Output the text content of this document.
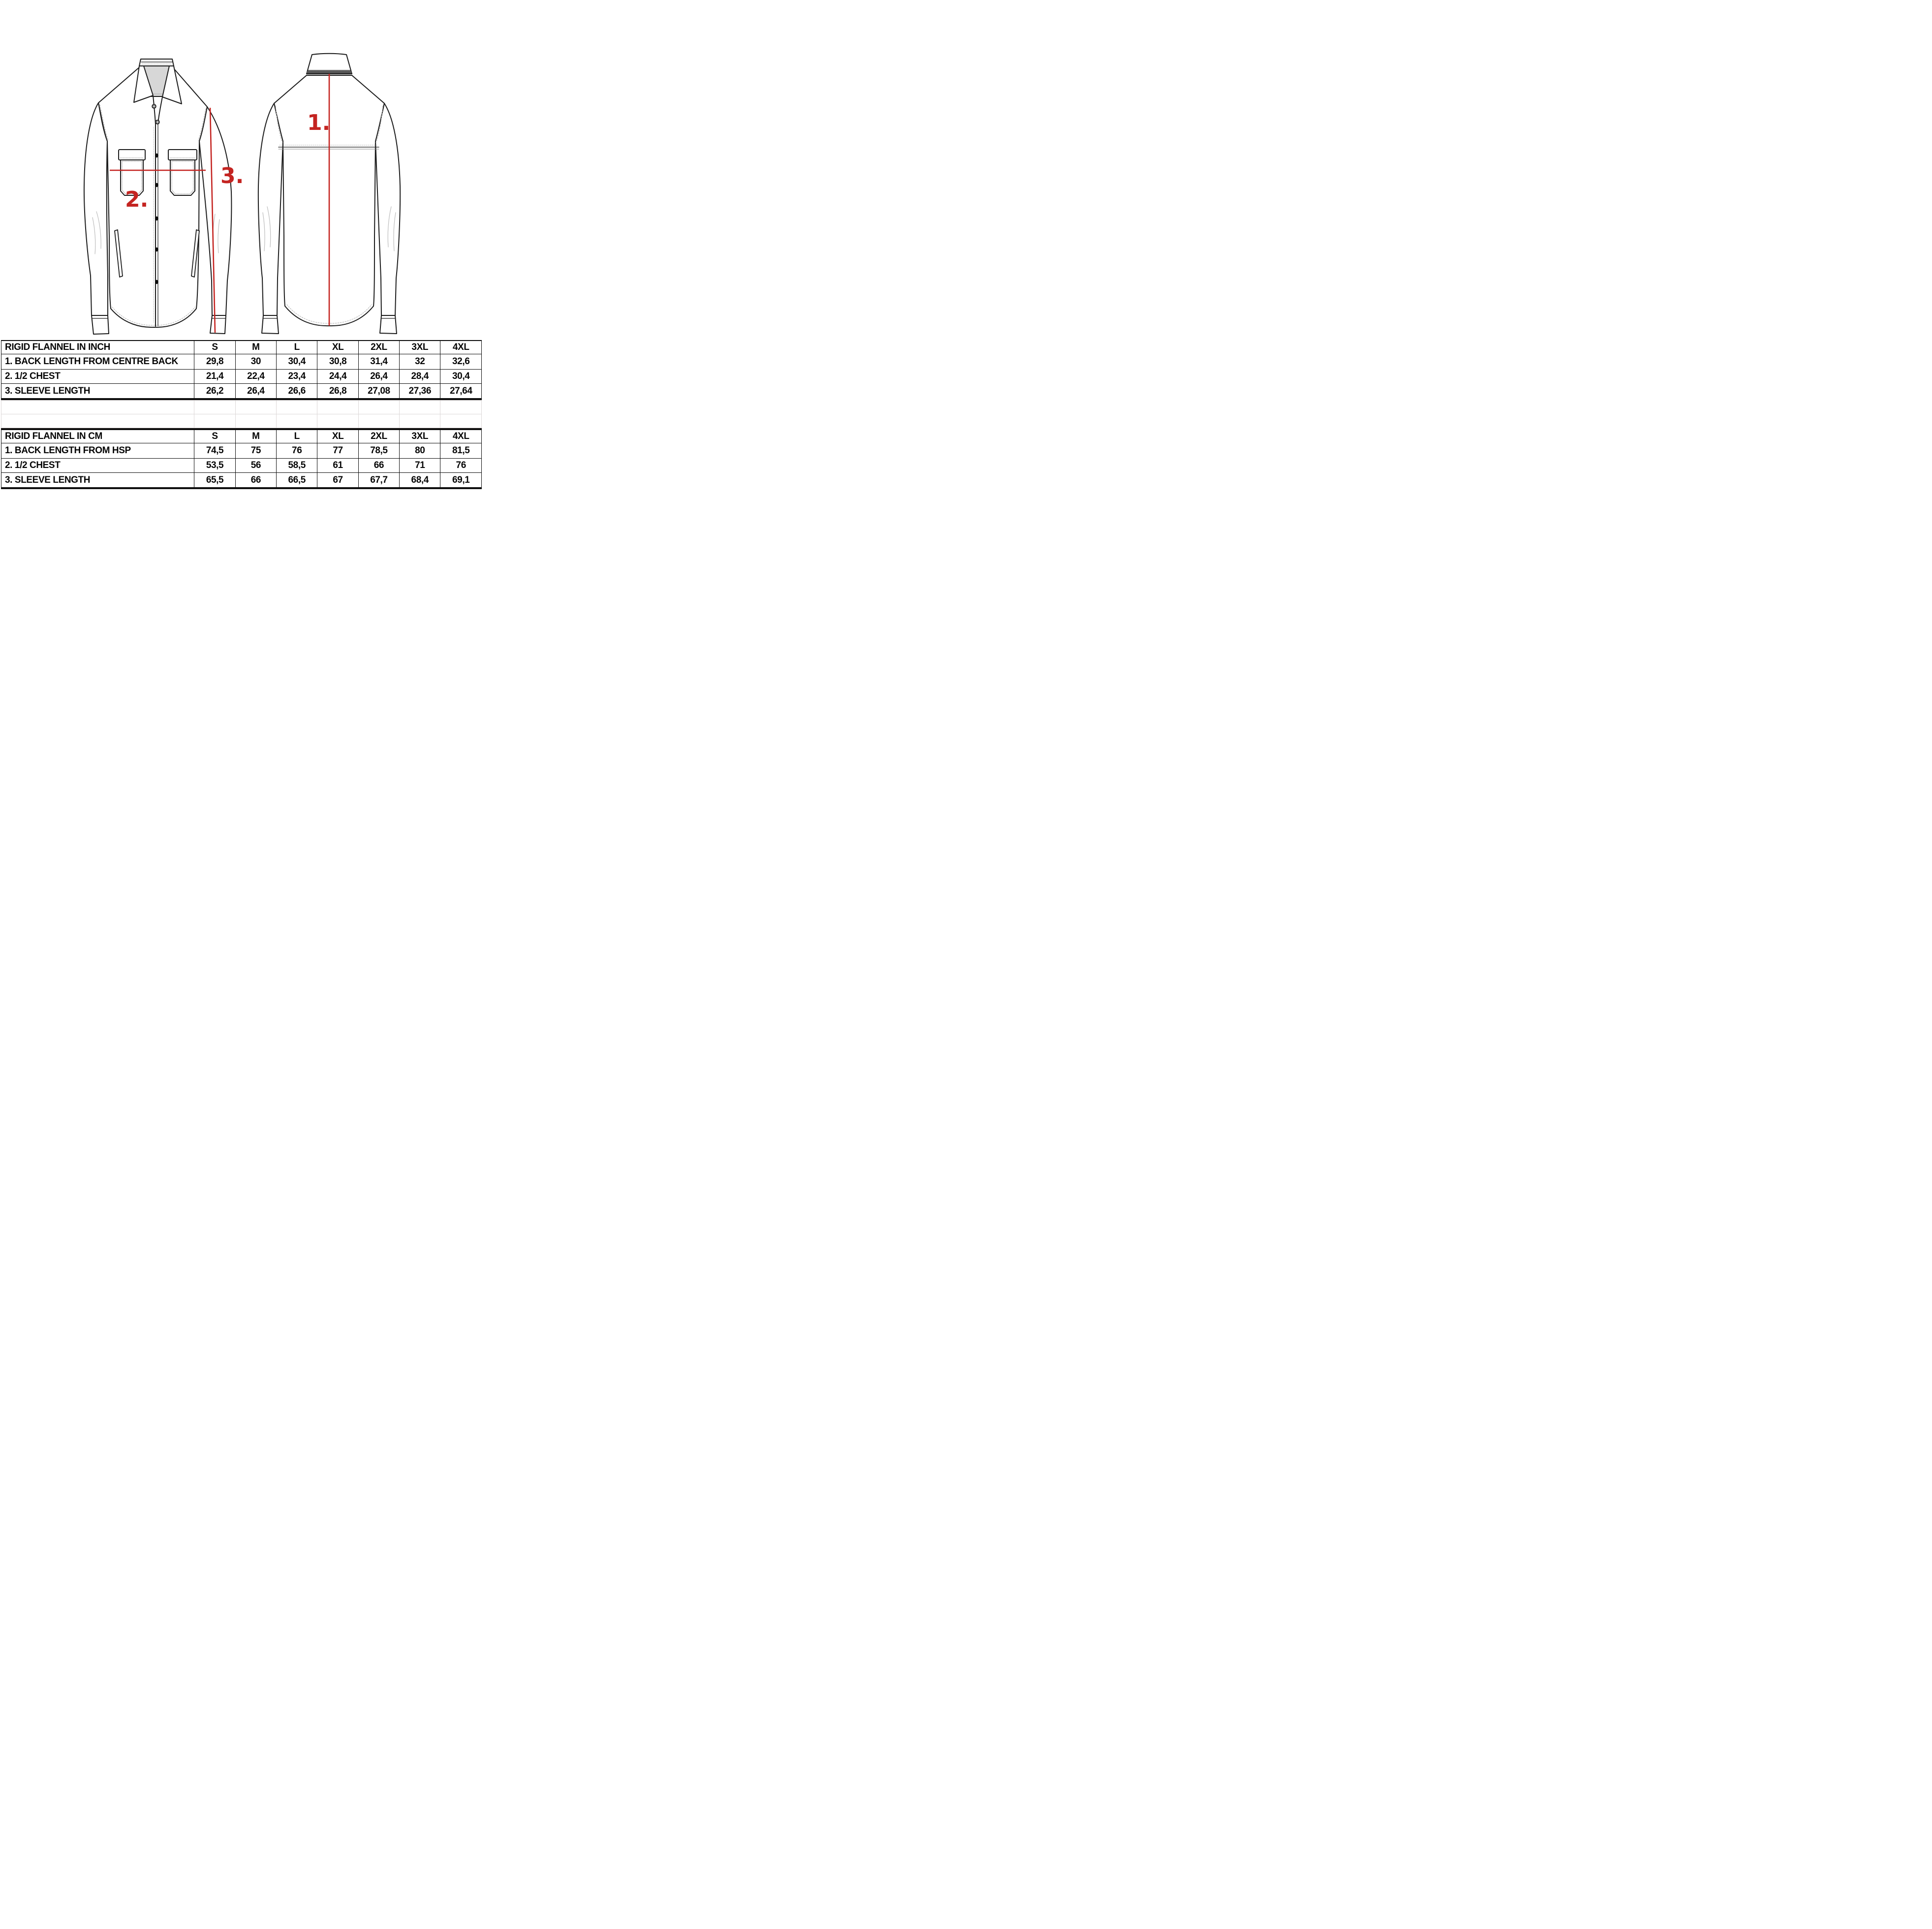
1.
2.
3.
RIGID FLANNEL IN INCH	S	M	L	XL	2XL	3XL	4XL
1. BACK LENGTH FROM CENTRE BACK	29,8	30	30,4	30,8	31,4	32	32,6
2. 1/2 CHEST	21,4	22,4	23,4	24,4	26,4	28,4	30,4
3. SLEEVE LENGTH	26,2	26,4	26,6	26,8	27,08	27,36	27,64

RIGID FLANNEL IN CM	S	M	L	XL	2XL	3XL	4XL
1. BACK LENGTH FROM HSP	74,5	75	76	77	78,5	80	81,5
2. 1/2 CHEST	53,5	56	58,5	61	66	71	76
3. SLEEVE LENGTH	65,5	66	66,5	67	67,7	68,4	69,1
